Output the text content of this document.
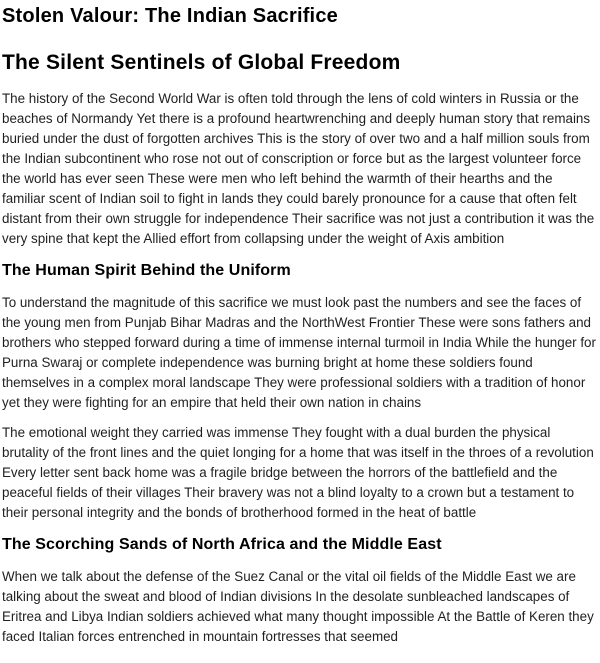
Stolen Valour: The Indian Sacrifice
The Silent Sentinels of Global Freedom

The history of the Second World War is often told through the lens of cold winters in Russia or the beaches of Normandy Yet there is a profound heartwrenching and deeply human story that remains buried under the dust of forgotten archives This is the story of over two and a half million souls from the Indian subcontinent who rose not out of conscription or force but as the largest volunteer force the world has ever seen These were men who left behind the warmth of their hearths and the familiar scent of Indian soil to fight in lands they could barely pronounce for a cause that often felt distant from their own struggle for independence Their sacrifice was not just a contribution it was the very spine that kept the Allied effort from collapsing under the weight of Axis ambition

The Human Spirit Behind the Uniform

To understand the magnitude of this sacrifice we must look past the numbers and see the faces of the young men from Punjab Bihar Madras and the NorthWest Frontier These were sons fathers and brothers who stepped forward during a time of immense internal turmoil in India While the hunger for Purna Swaraj or complete independence was burning bright at home these soldiers found themselves in a complex moral landscape They were professional soldiers with a tradition of honor yet they were fighting for an empire that held their own nation in chains

The emotional weight they carried was immense They fought with a dual burden the physical brutality of the front lines and the quiet longing for a home that was itself in the throes of a revolution Every letter sent back home was a fragile bridge between the horrors of the battlefield and the peaceful fields of their villages Their bravery was not a blind loyalty to a crown but a testament to their personal integrity and the bonds of brotherhood formed in the heat of battle

The Scorching Sands of North Africa and the Middle East

When we talk about the defense of the Suez Canal or the vital oil fields of the Middle East we are talking about the sweat and blood of Indian divisions In the desolate sunbleached landscapes of Eritrea and Libya Indian soldiers achieved what many thought impossible At the Battle of Keren they faced Italian forces entrenched in mountain fortresses that seemed
